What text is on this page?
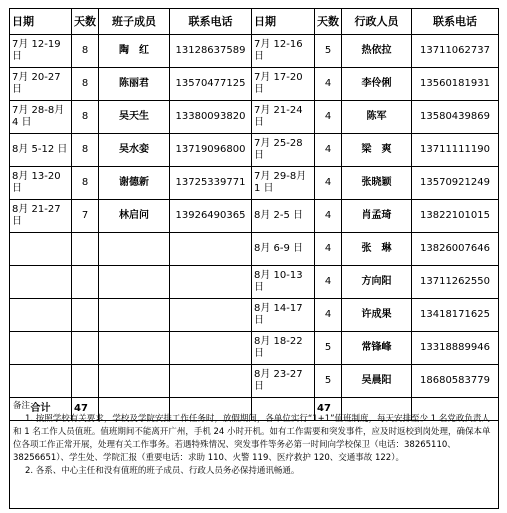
日期	天数	班子成员	联系电话	日期	天数	行政人员	联系电话
7月 12-19 日	8	陶　红	13128637589	7月 12-16 日	5	热依拉	13711062737
7月 20-27 日	8	陈丽君	13570477125	7月 17-20 日	4	李伶俐	13560181931
7月 28-8月 4 日	8	吴天生	13380093820	7月 21-24 日	4	陈军	13580439869
8月 5-12 日	8	吴水娈	13719096800	7月 25-28 日	4	梁　爽	13711111190
8月 13-20 日	8	谢德新	13725339771	7月 29-8月 1 日	4	张晓颖	13570921249
8月 21-27 日	7	林启问	13926490365	8月 2-5 日	4	肖孟琦	13822101015
				8月 6-9 日	4	张　琳	13826007646
				8月 10-13 日	4	方向阳	13711262550
				8月 14-17 日	4	许成果	13418171625
				8月 18-22 日	5	常锋峰	13318889946
				8月 23-27 日	5	吴晨阳	18680583779
合计	47				47		

备注：

1. 按照学校有关要求，学校及学院安排工作任务时，放假期间，各单位实行“1+1”值班制度，每天安排至少 1 名党政负责人和 1 名工作人员值班。值班期间不能离开广州，手机 24 小时开机。如有工作需要和突发事件，应及时返校到岗处理，确保本单位各项工作正常开展，处理有关工作事务。若遇特殊情况、突发事件等务必第一时间向学校保卫（电话：38265110、38256651）、学生处、学院汇报（重要电话：求助 110、火警 119、医疗救护 120、交通事故 122）。

2. 各系、中心主任和没有值班的班子成员、行政人员务必保持通讯畅通。
